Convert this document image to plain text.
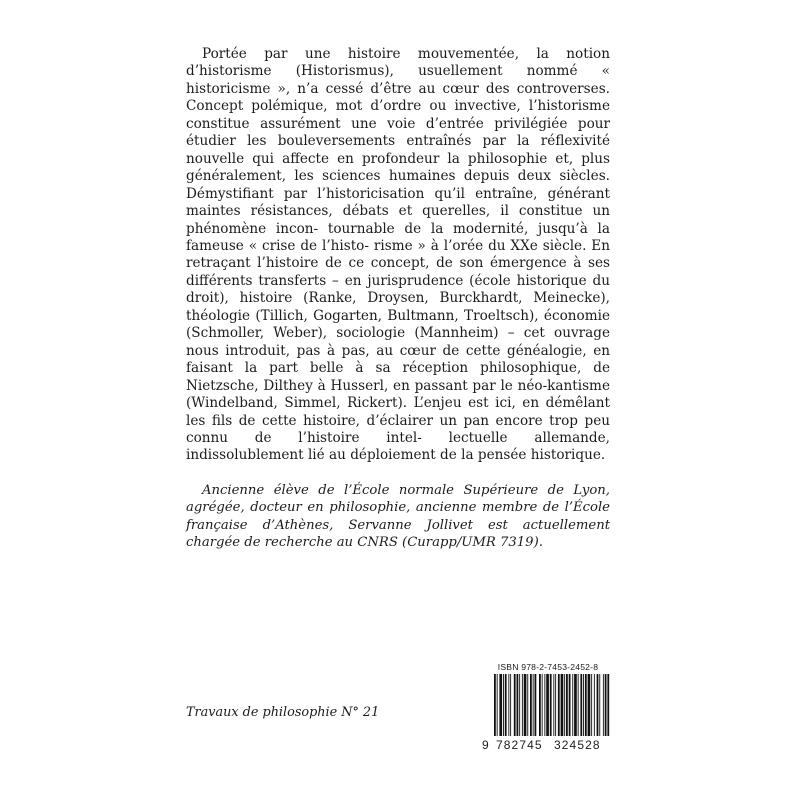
Portée par une histoire mouvementée, la notion d’historisme (Historismus), usuellement nommé « historicisme », n’a cessé d’être au cœur des controverses. Concept polémique, mot d’ordre ou invective, l’historisme constitue assurément une voie d’entrée privilégiée pour étudier les bouleversements entraînés par la réflexivité nouvelle qui affecte en profondeur la philosophie et, plus généralement, les sciences humaines depuis deux siècles. Démystifiant par l’historicisation qu’il entraîne, générant maintes résistances, débats et querelles, il constitue un phénomène incon- tournable de la modernité, jusqu’à la fameuse « crise de l’histo- risme » à l’orée du XXe siècle. En retraçant l’histoire de ce concept, de son émergence à ses différents transferts – en jurisprudence (école historique du droit), histoire (Ranke, Droysen, Burckhardt, Meinecke), théologie (Tillich, Gogarten, Bultmann, Troeltsch), économie (Schmoller, Weber), sociologie (Mannheim) – cet ouvrage nous introduit, pas à pas, au cœur de cette généalogie, en faisant la part belle à sa réception philosophique, de Nietzsche, Dilthey à Husserl, en passant par le néo-kantisme (Windelband, Simmel, Rickert). L’enjeu est ici, en démêlant les fils de cette histoire, d’éclairer un pan encore trop peu connu de l’histoire intel- lectuelle allemande, indissolublement lié au déploiement de la pensée historique.

Ancienne élève de l’École normale Supérieure de Lyon, agrégée, docteur en philosophie, ancienne membre de l’École française d’Athènes, Servanne Jollivet est actuellement chargée de recherche au CNRS (Curapp/UMR 7319).

Travaux de philosophie N° 21
ISBN 978-2-7453-2452-8
9 782745 324528
